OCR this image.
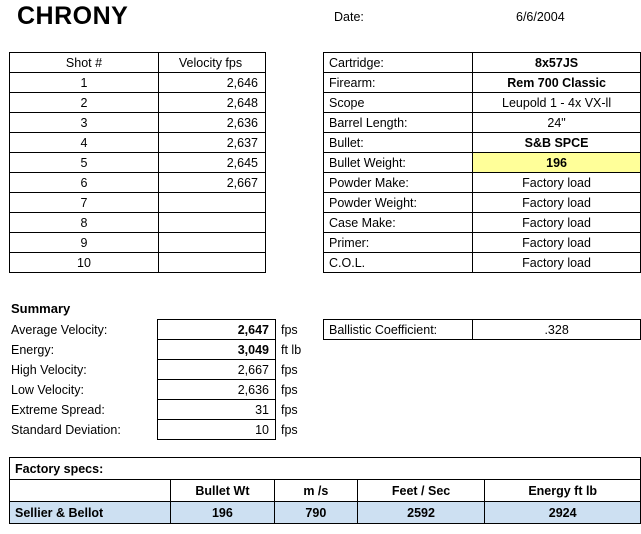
CHRONY	Date:	6/6/2004
Shot #	Velocity fps
1	2,646
2	2,648
3	2,636
4	2,637
5	2,645
6	2,667
7	
8	
9	
10	
Cartridge:	8x57JS
Firearm:	Rem 700 Classic
Scope	Leupold 1 - 4x VX-ll
Barrel Length:	24"
Bullet:	S&B SPCE
Bullet Weight:	196
Powder Make:	Factory load
Powder Weight:	Factory load
Case Make:	Factory load
Primer:	Factory load
C.O.L.	Factory load
Summary
Average Velocity:	2,647	fps
Energy:	3,049	ft lb
High Velocity:	2,667	fps
Low Velocity:	2,636	fps
Extreme Spread:	31	fps
Standard Deviation:	10	fps
Ballistic Coefficient:	.328
Factory specs:				
	Bullet Wt	m /s	Feet / Sec	Energy ft lb
Sellier & Bellot	196	790	2592	2924
